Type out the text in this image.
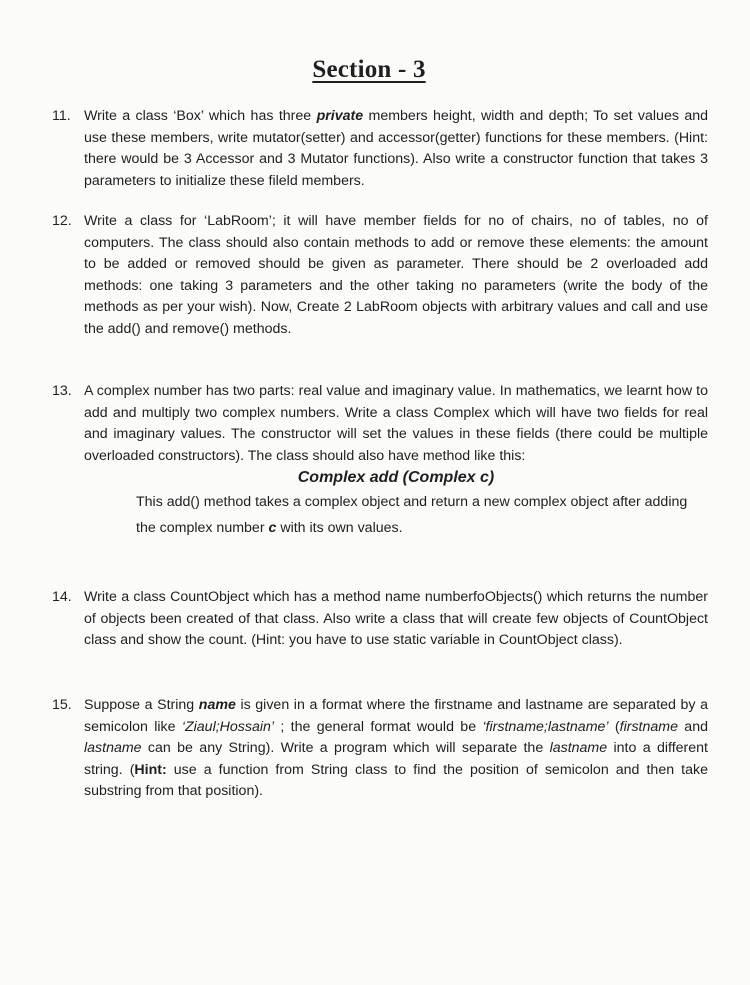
Section - 3
11. Write a class ‘Box’ which has three private members height, width and depth; To set values and use these members, write mutator(setter) and accessor(getter) functions for these members. (Hint: there would be 3 Accessor and 3 Mutator functions). Also write a constructor function that takes 3 parameters to initialize these fileld members.

12. Write a class for ‘LabRoom’; it will have member fields for no of chairs, no of tables, no of computers. The class should also contain methods to add or remove these elements: the amount to be added or removed should be given as parameter. There should be 2 overloaded add methods: one taking 3 parameters and the other taking no parameters (write the body of the methods as per your wish). Now, Create 2 LabRoom objects with arbitrary values and call and use the add() and remove() methods.

13. A complex number has two parts: real value and imaginary value. In mathematics, we learnt how to add and multiply two complex numbers. Write a class Complex which will have two fields for real and imaginary values. The constructor will set the values in these fields (there could be multiple overloaded constructors). The class should also have method like this:

Complex add (Complex c)

This add() method takes a complex object and return a new complex object after adding the complex number c with its own values.

14. Write a class CountObject which has a method name numberfoObjects() which returns the number of objects been created of that class. Also write a class that will create few objects of CountObject class and show the count. (Hint: you have to use static variable in CountObject class).

15. Suppose a String name is given in a format where the firstname and lastname are separated by a semicolon like ‘Ziaul;Hossain’ ; the general format would be ‘firstname;lastname’ (firstname and lastname can be any String). Write a program which will separate the lastname into a different string. (Hint: use a function from String class to find the position of semicolon and then take substring from that position).
